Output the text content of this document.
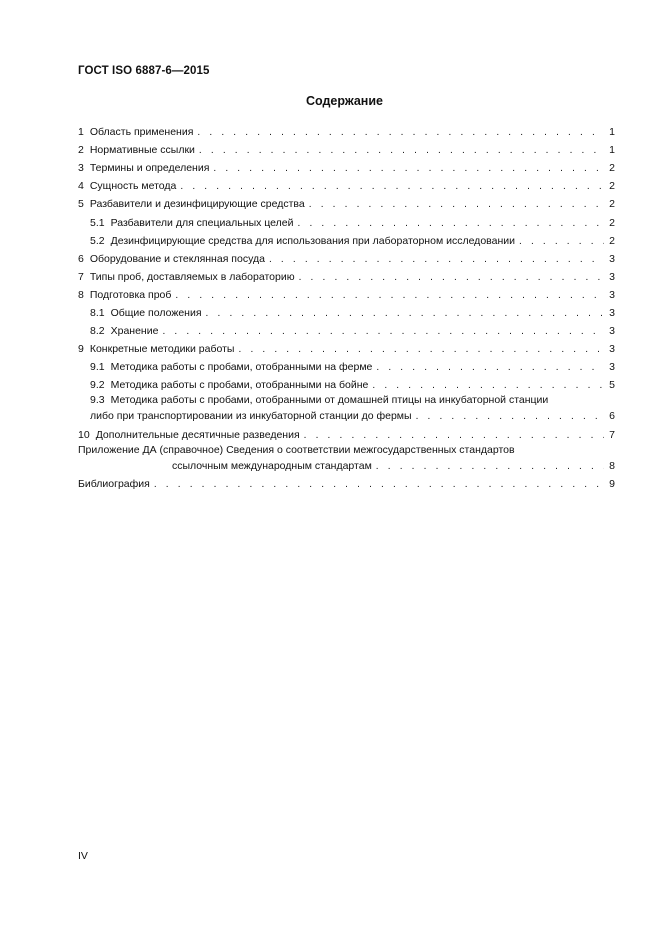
ГОСТ ISO 6887-6—2015
Содержание
1 Область применения . . .	1
2 Нормативные ссылки . . .	1
3 Термины и определения . . .	2
4 Сущность метода . . .	2
5 Разбавители и дезинфицирующие средства . . .	2
5.1 Разбавители для специальных целей . . .	2
5.2 Дезинфицирующие средства для использования при лабораторном исследовании . . .	2
6 Оборудование и стеклянная посуда . . .	3
7 Типы проб, доставляемых в лабораторию . . .	3
8 Подготовка проб . . .	3
8.1 Общие положения . . .	3
8.2 Хранение . . .	3
9 Конкретные методики работы . . .	3
9.1 Методика работы с пробами, отобранными на ферме . . .	3
9.2 Методика работы с пробами, отобранными на бойне . . .	5
9.3 Методика работы с пробами, отобранными от домашней птицы на инкубаторной станции
либо при транспортировании из инкубаторной станции до фермы . . .	6
10 Дополнительные десятичные разведения . . .	7
Приложение ДА (справочное) Сведения о соответствии межгосударственных стандартов
ссылочным международным стандартам . . .	8
Библиография . . .	9
IV
